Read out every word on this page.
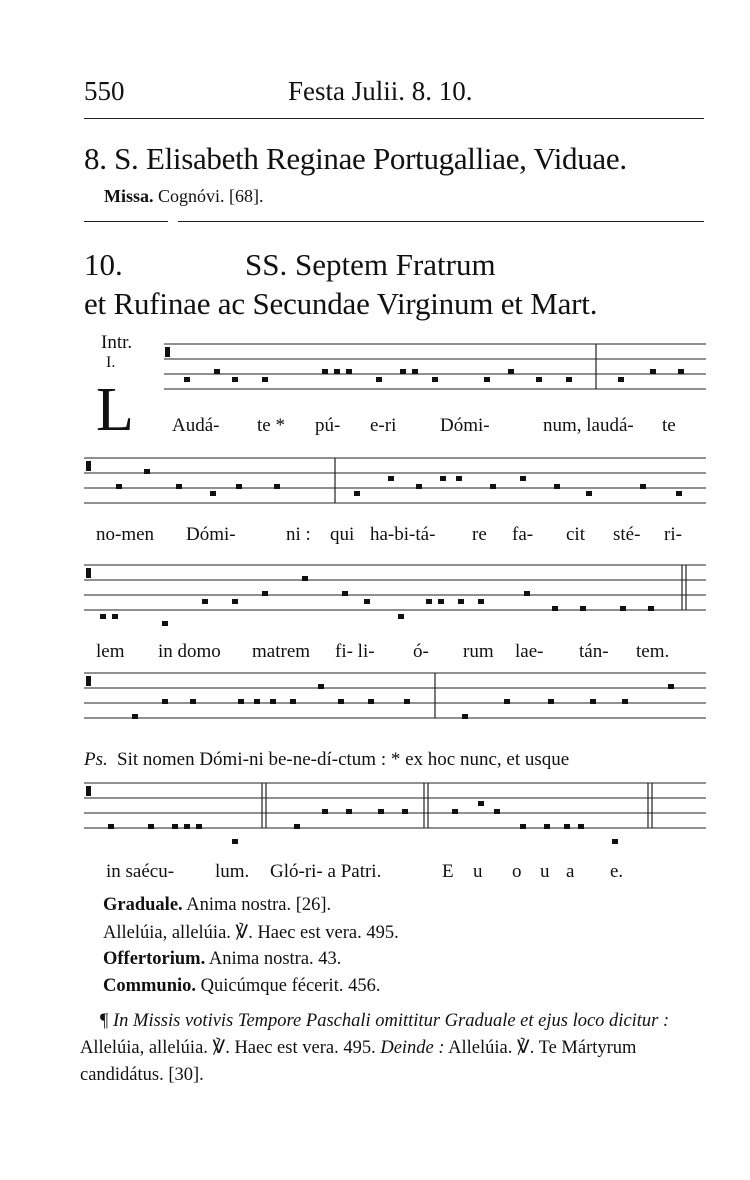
550	Festa Julii. 8. 10.
8. S. Elisabeth Reginae Portugalliae, Viduae.
Missa. Cognóvi. [68].
10.	SS. Septem Fratrum
et Rufinae ac Secundae Virginum et Mart.
Intr.
I.
L Audá- te * pú- e-ri Dómi-	num, laudá- te
no-men Dómi-	ni : qui ha-bi-tá- re fa- cit sté- ri-
lem in domo matrem fi- li- ó- rum lae- tán- tem.
Ps. Sit nomen Dómi-ni be-ne-dí-ctum : * ex hoc nunc, et usque
in saécu- lum. Gló-ri- a Patri.	E u o u a e.
Graduale. Anima nostra. [26].
Allelúia, allelúia. ℣. Haec est vera. 495.
Offertorium. Anima nostra. 43.
Communio. Quicúmque fécerit. 456.
¶ In Missis votivis Tempore Paschali omittitur Graduale et ejus loco dicitur : Allelúia, allelúia. ℣. Haec est vera. 495. Deinde : Allelúia. ℣. Te Mártyrum candidátus. [30].
